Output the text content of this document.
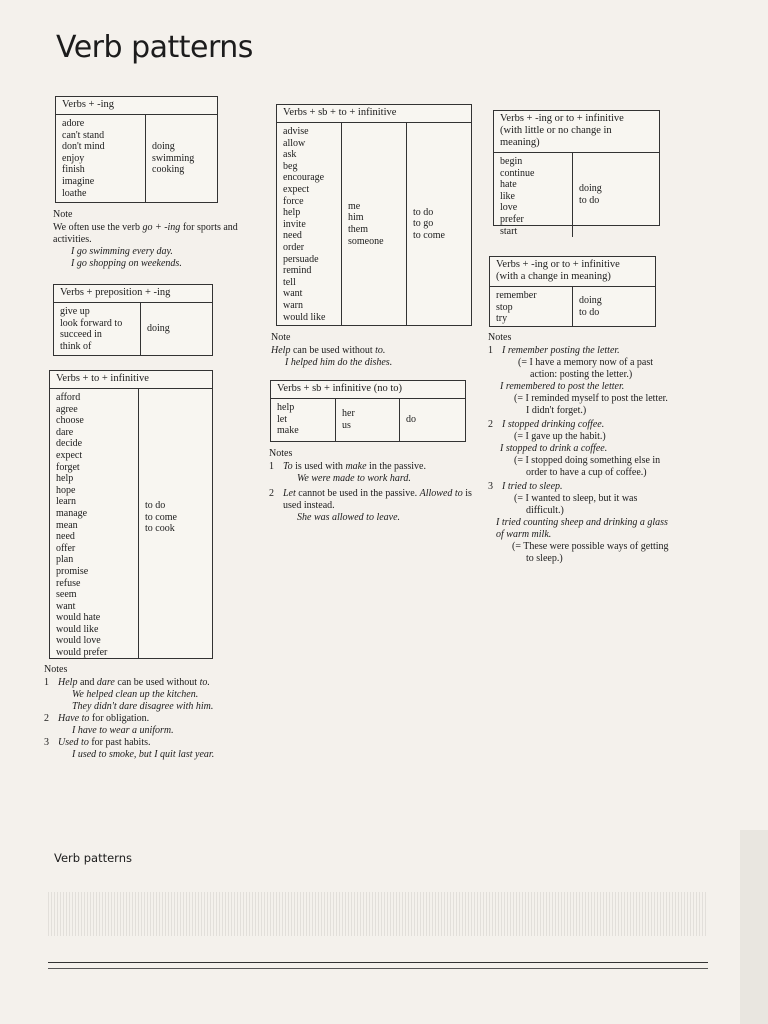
Verb patterns
Verbs + -ing
adore
can't stand
don't mind
enjoy
finish
imagine
loathe
doing
swimming
cooking
Note
We often use the verb go + -ing for sports and activities.
I go swimming every day.
I go shopping on weekends.
Verbs + preposition + -ing
give up
look forward to
succeed in
think of
doing
Verbs + to + infinitive
afford
agree
choose
dare
decide
expect
forget
help
hope
learn
manage
mean
need
offer
plan
promise
refuse
seem
want
would hate
would like
would love
would prefer
to do
to come
to cook
Notes
1 Help and dare can be used without to.
We helped clean up the kitchen.
They didn't dare disagree with him.
2 Have to for obligation.
I have to wear a uniform.
3 Used to for past habits.
I used to smoke, but I quit last year.
Verbs + sb + to + infinitive
advise
allow
ask
beg
encourage
expect
force
help
invite
need
order
persuade
remind
tell
want
warn
would like
me
him
them
someone
to do
to go
to come
Note
Help can be used without to.
I helped him do the dishes.
Verbs + sb + infinitive (no to)
help
let
make
her
us
do
Notes
1 To is used with make in the passive.
We were made to work hard.
2 Let cannot be used in the passive. Allowed to is used instead.
She was allowed to leave.
Verbs + -ing or to + infinitive
(with little or no change in meaning)
begin
continue
hate
like
love
prefer
start
doing
to do
Verbs + -ing or to + infinitive
(with a change in meaning)
remember
stop
try
doing
to do
Notes
1 I remember posting the letter.
(= I have a memory now of a past
action: posting the letter.)
I remembered to post the letter.
(= I reminded myself to post the letter.
I didn't forget.)
2 I stopped drinking coffee.
(= I gave up the habit.)
I stopped to drink a coffee.
(= I stopped doing something else in
order to have a cup of coffee.)
3 I tried to sleep.
(= I wanted to sleep, but it was
difficult.)
I tried counting sheep and drinking a glass
of warm milk.
(= These were possible ways of getting
to sleep.)
Verb patterns
